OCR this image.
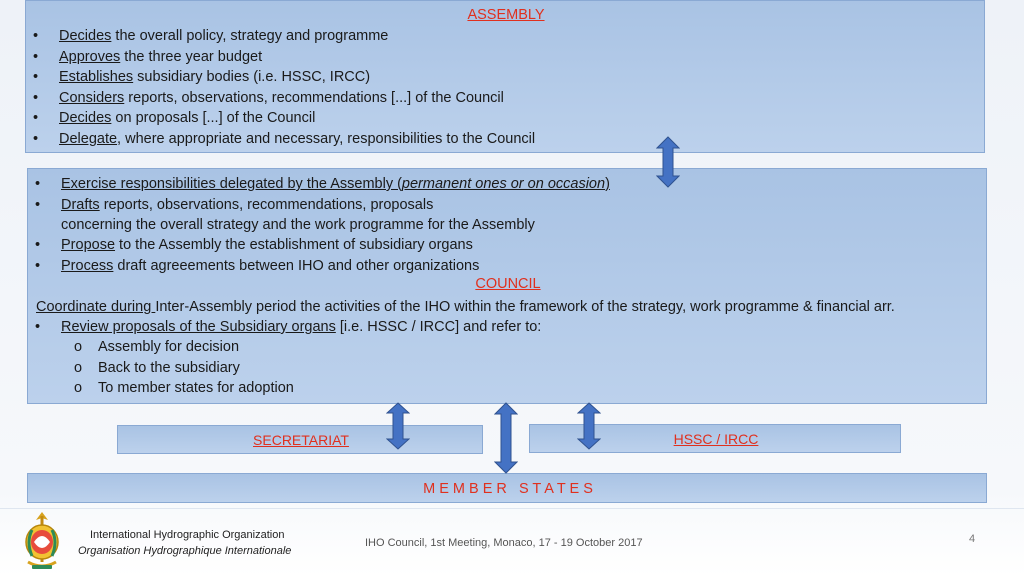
ASSEMBLY
• Decides the overall policy, strategy and programme
• Approves the three year budget
• Establishes subsidiary bodies (i.e. HSSC, IRCC)
• Considers reports, observations, recommendations [...] of the Council
• Decides on proposals [...] of the Council
• Delegate, where appropriate and necessary, responsibilities to the Council
• Exercise responsibilities delegated by the Assembly (permanent ones or on occasion)
• Drafts reports, observations, recommendations, proposals
concerning the overall strategy and the work programme for the Assembly
• Propose to the Assembly the establishment of subsidiary organs
• Process draft agreeements between IHO and other organizations
COUNCIL
Coordinate during Inter-Assembly period the activities of the IHO within the framework of the strategy, work programme & financial arr.
• Review proposals of the Subsidiary organs [i.e. HSSC / IRCC] and refer to:
o Assembly for decision
o Back to the subsidiary
o To member states for adoption
SECRETARIAT	HSSC / IRCC
M E M B E R   S T A T E S
International Hydrographic Organization
Organisation Hydrographique Internationale
IHO Council, 1st Meeting, Monaco, 17 - 19 October 2017	4
